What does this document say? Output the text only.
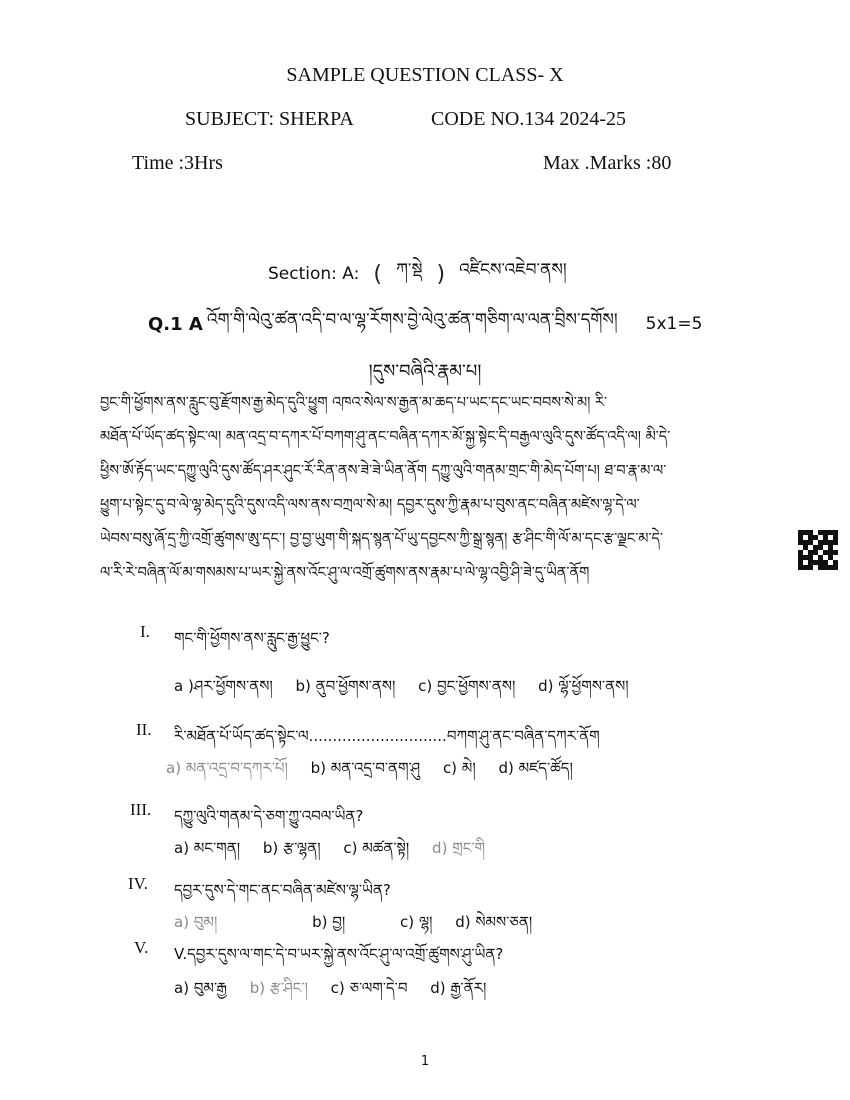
SAMPLE QUESTION CLASS- X
SUBJECT: SHERPA	CODE NO.134 2024-25
Time :3Hrs	Max .Marks :80
Section: A: ( ཀ་སྡེ ) འཛིངས་འཇེབ་ནས།
Q.1 A འོག་གི་ལེའུ་ཚན་འདི་བ་ལ་ལྷ་རོགས་བྱེ་ལེའུ་ཚན་གཅིག་ལ་ལན་བྲིས་དགོས། 5x1=5
།དུས་བཞིའི་རྣམ་པ།

བྱང་གི་ཕྱོགས་ནས་རླུང་བུ་རྫོགས་རྒྱ་མེད་དུའི་ཕྱུག འཁའ་སེལ་ས་རྒྱན་མ་ཆད་པ་ཡང་དང་ཡང་བབས་སེ་མ། རི་

མཐོན་པོ་ཡོད་ཚད་སྟེང་ལ། མན་འདྲ་བ་དཀར་པོ་བཀག་ཤུ་ནང་བཞིན་དཀར་མོ་སྐྱ་སྟེང་དི་བརྒྱལ་ལུའི་དུས་ཚོད་འདི་ལ། མི་དེ་

ཕྱིས་ཨོ་རྟོད་ཡང་དཀྱུ་ལུའི་དུས་ཚོད་ཤར་ཤུང་རོ་རིན་ནས་ཟེ་ཟེ་ཡིན་ནོག དཀྱུ་ལུའི་གནམ་གྲང་གི་མེད་པོག་པ། ཐ་བ་རྣ་མ་ལ་

ཕྱུག་པ་སྟེང་དུ་བ་ལེ་ལྷ་མེད་དུའི་དུས་འདི་ལས་ནས་བཀྲལ་སེ་མ། དབྱར་དུས་ཀྱི་རྣམ་པ་བུས་ནང་བཞིན་མཛེས་ལྷ་དེ་ལ་

ཡེབས་བསུ་ཞོ་དྲ་ཀྱི་འགྲོ་ཚུགས་ཨུ་དང་། བྱ་བྱ་ཡུག་གི་སྐད་སྙན་པོ་ཡུ་དབྱངས་ཀྱི་སྒྲ་སྙན། རྩ་ཤིང་གི་ལོ་མ་དང་རྩ་ལྗང་མ་དེ་

ལ་རི་རེ་བཞིན་ལོ་མ་གསམས་པ་ཡར་སྐྱེ་ནས་འོང་ཤུ་ལ་འགྲོ་ཚུགས་ནས་རྣམ་པ་ལེ་ལྷ་འབྱི་ཤི་ཟེ་དུ་ཡིན་ནོག

I. གང་གི་ཕྱོགས་ནས་རླུང་རྒྱ་ཕྱུང་?
a )ཤར་ཕྱོགས་ནས། b) ནུབ་ཕྱོགས་ནས། c) བྱང་ཕྱོགས་ནས། d) ལྷོ་ཕྱོགས་ནས།
II. རི་མཐོན་པོ་ཡོད་ཚད་སྟེང་ལ.............................བཀག་ཤུ་ནང་བཞིན་དཀར་ནོག
a) མན་འདྲ་བ་དཀར་པོ། b) མན་འདྲ་བ་ནག་ཤུ c) མེ། d) མཛད་ཚོད།
III. དཀྱུ་ལུའི་གནམ་དེ་ཅག་ཀྱུ་འབལ་ཡིན?
a) མང་གན། b) རྩ་ལྷན། c) མཚན་སྟེ། d) གྲང་གི
IV. དབྱར་དུས་དེ་གང་ནང་བཞིན་མཛེས་ལྷ་ཡིན?
a) བུམ།	b) བྱ།	c) ལྷ། d) སེམས་ཅན།
V. V.དབྱར་དུས་ལ་གང་དེ་བ་ཡར་སྐྱེ་ནས་འོང་ཤུ་ལ་འགྲོ་ཚུགས་ཤུ་ཡིན?
a) བུམ་རྒྱ b) རྩ་ཤིང་། c) ཅ་ལག་དེ་བ d) རྒྱ་ནོར།
1
